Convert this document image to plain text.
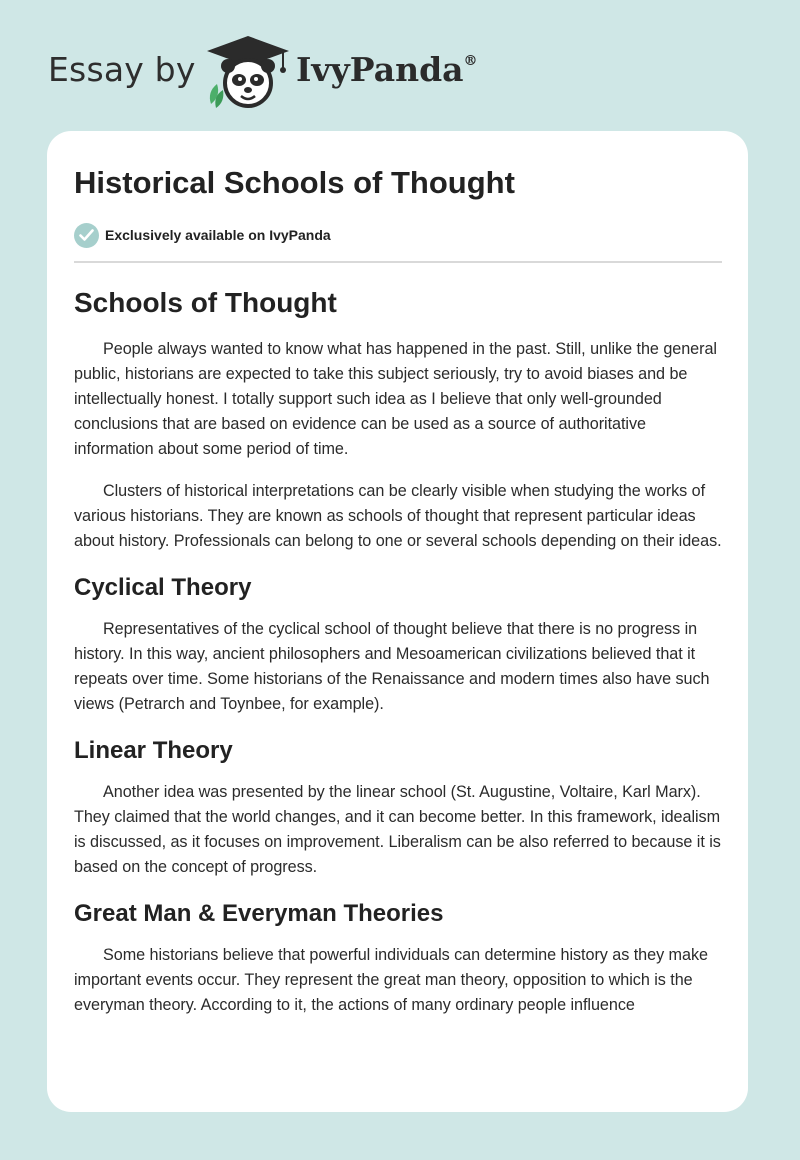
Essay by	IvyPanda®
Historical Schools of Thought
Exclusively available on IvyPanda
Schools of Thought

People always wanted to know what has happened in the past. Still, unlike the general public, historians are expected to take this subject seriously, try to avoid biases and be intellectually honest. I totally support such idea as I believe that only well-grounded conclusions that are based on evidence can be used as a source of authoritative information about some period of time.

Clusters of historical interpretations can be clearly visible when studying the works of various historians. They are known as schools of thought that represent particular ideas about history. Professionals can belong to one or several schools depending on their ideas.

Cyclical Theory

Representatives of the cyclical school of thought believe that there is no progress in history. In this way, ancient philosophers and Mesoamerican civilizations believed that it repeats over time. Some historians of the Renaissance and modern times also have such views (Petrarch and Toynbee, for example).

Linear Theory

Another idea was presented by the linear school (St. Augustine, Voltaire, Karl Marx). They claimed that the world changes, and it can become better. In this framework, idealism is discussed, as it focuses on improvement. Liberalism can be also referred to because it is based on the concept of progress.

Great Man & Everyman Theories

Some historians believe that powerful individuals can determine history as they make important events occur. They represent the great man theory, opposition to which is the everyman theory. According to it, the actions of many ordinary people influence
